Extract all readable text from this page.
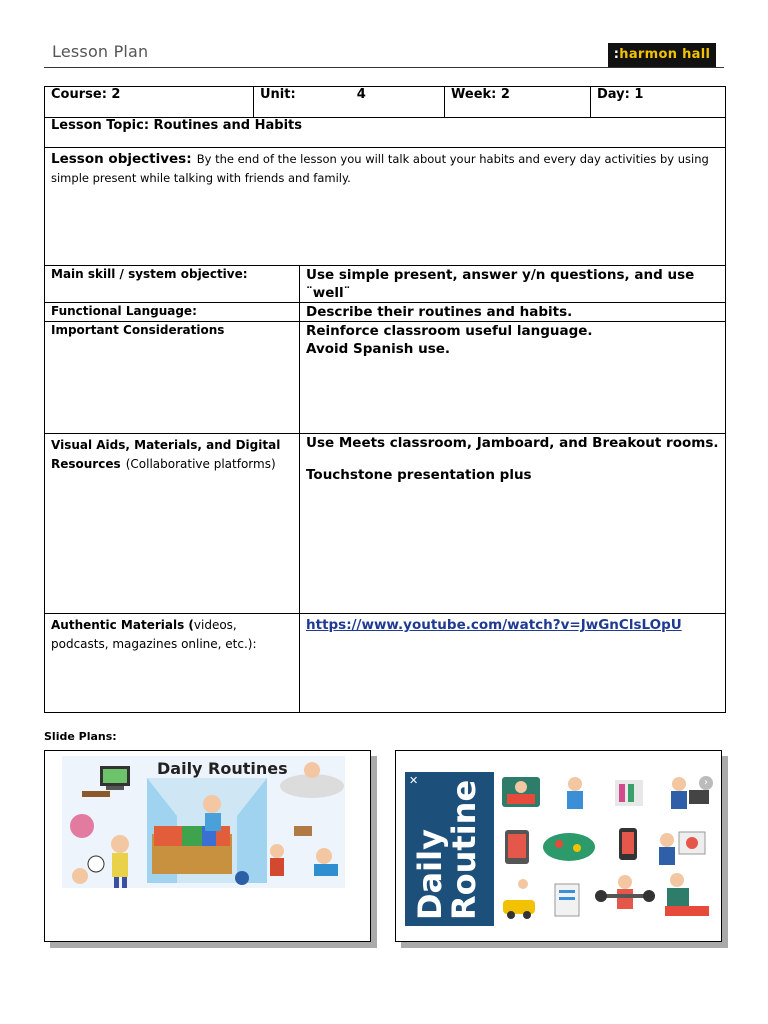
Lesson Plan	:harmon hall
Course: 2	Unit: 4		Week: 2	Day: 1
Lesson Topic: Routines and Habits				
Lesson objectives: By the end of the lesson you will talk about your habits and every day activities by using simple present while talking with friends and family.				
Main skill / system objective:		Use simple present, answer y/n questions, and use ¨well¨		
Functional Language:		Describe their routines and habits.		
Important Considerations		Reinforce classroom useful language.
Avoid Spanish use.		

Visual Aids, Materials, and Digital Resources (Collaborative platforms)		Use Meets classroom, Jamboard, and Breakout rooms.
Touchstone presentation plus		

Authentic Materials (videos, podcasts, magazines online, etc.):		https://www.youtube.com/watch?v=JwGnClsLOpU		
Slide Plans:
Daily Routines
Daily
Routine
✕	›
